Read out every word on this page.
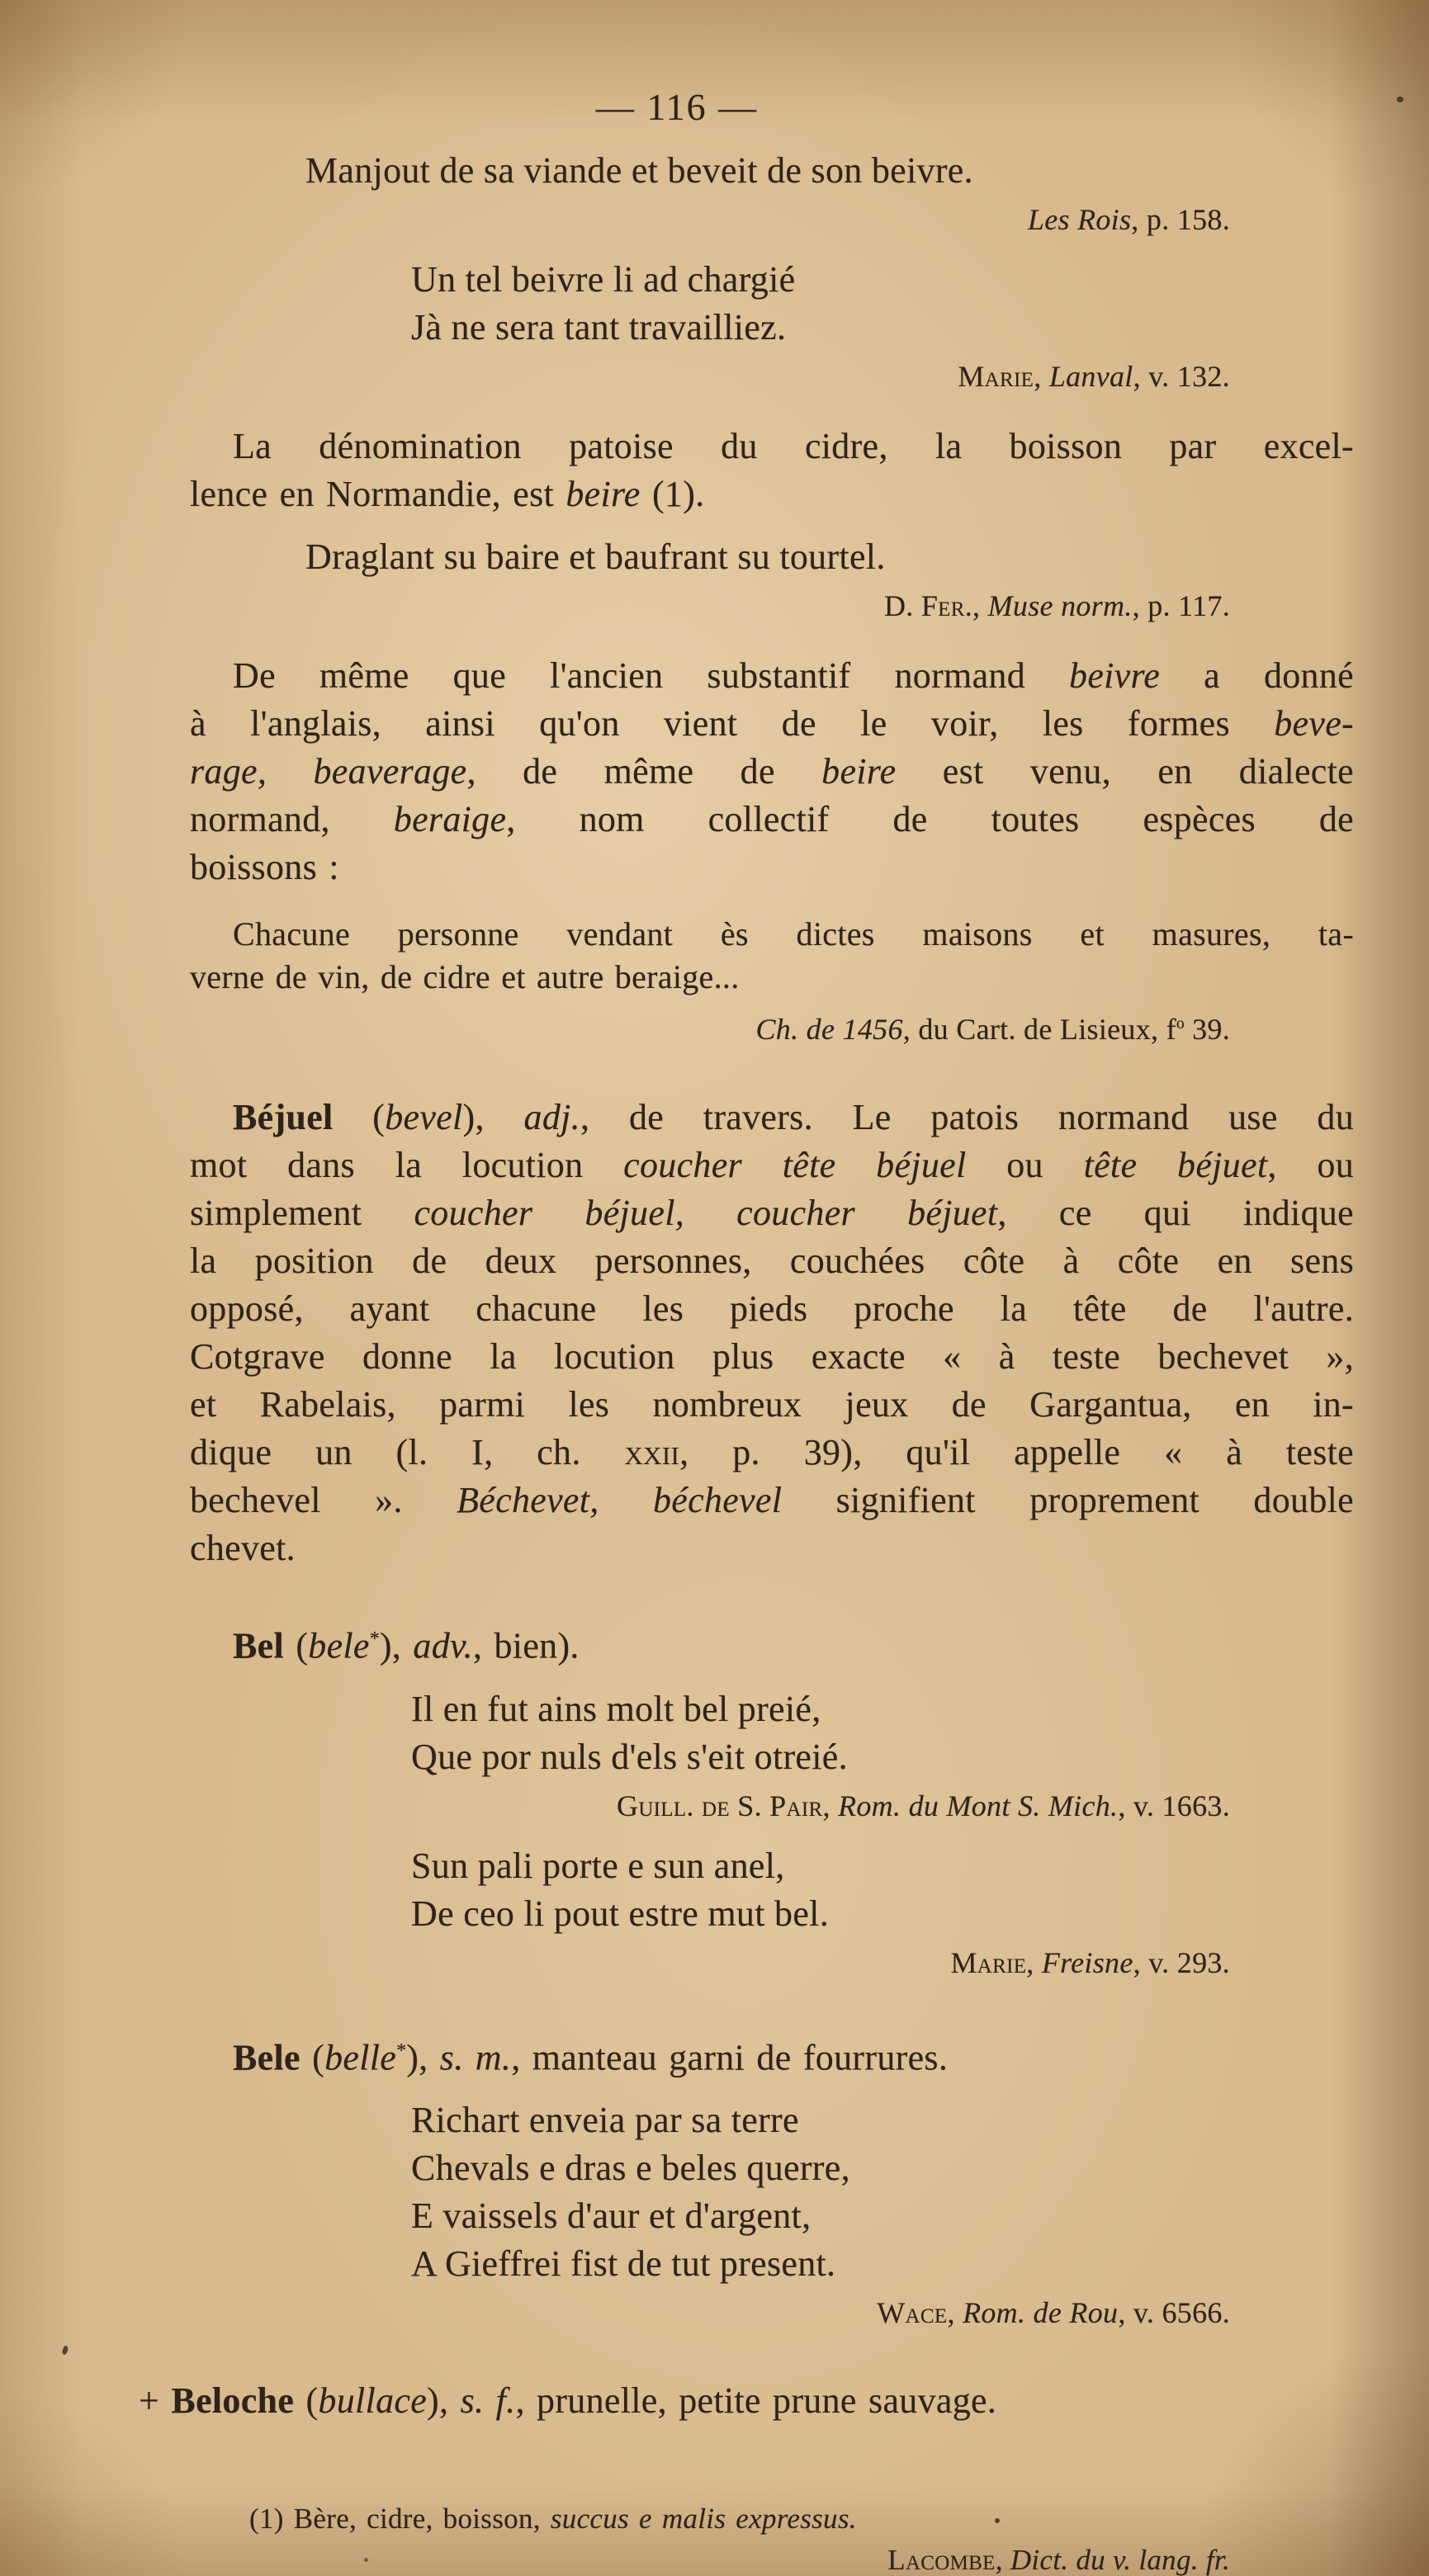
— 116 —
Manjout de sa viande et beveit de son beivre.
Les Rois, p. 158.
Un tel beivre li ad chargié
Jà ne sera tant travailliez.
Marie, Lanval, v. 132.
La dénomination patoise du cidre, la boisson par excel-
lence en Normandie, est beire (1).
Draglant su baire et baufrant su tourtel.
D. Fer., Muse norm., p. 117.
De même que l'ancien substantif normand beivre a donné
à l'anglais, ainsi qu'on vient de le voir, les formes beve-
rage, beaverage, de même de beire est venu, en dialecte
normand, beraige, nom collectif de toutes espèces de
boissons :
Chacune personne vendant ès dictes maisons et masures, ta-
verne de vin, de cidre et autre beraige...
Ch. de 1456, du Cart. de Lisieux, $f^o$ 39.
Béjuel (bevel), adj., de travers. Le patois normand use du
mot dans la locution coucher tête béjuel ou tête béjuet, ou
simplement coucher béjuel, coucher béjuet, ce qui indique
la position de deux personnes, couchées côte à côte en sens
opposé, ayant chacune les pieds proche la tête de l'autre.
Cotgrave donne la locution plus exacte « à teste bechevet »,
et Rabelais, parmi les nombreux jeux de Gargantua, en in-
dique un (l. I, ch. xxii, p. 39), qu'il appelle « à teste
bechevel ». Béchevet, béchevel signifient proprement double
chevet.
Bel (bele*), adv., bien).
Il en fut ains molt bel preié,
Que por nuls d'els s'eit otreié.
Guill. de S. Pair, Rom. du Mont S. Mich., v. 1663.
Sun pali porte e sun anel,
De ceo li pout estre mut bel.
Marie, Freisne, v. 293.
Bele (belle*), s. m., manteau garni de fourrures.
Richart enveia par sa terre
Chevals e dras e beles querre,
E vaissels d'aur et d'argent,
A Gieffrei fist de tut present.
Wace, Rom. de Rou, v. 6566.
+ Beloche (bullace), s. f., prunelle, petite prune sauvage.
(1) Bère, cidre, boisson, succus e malis expressus.
Lacombe, Dict. du v. lang. fr.
